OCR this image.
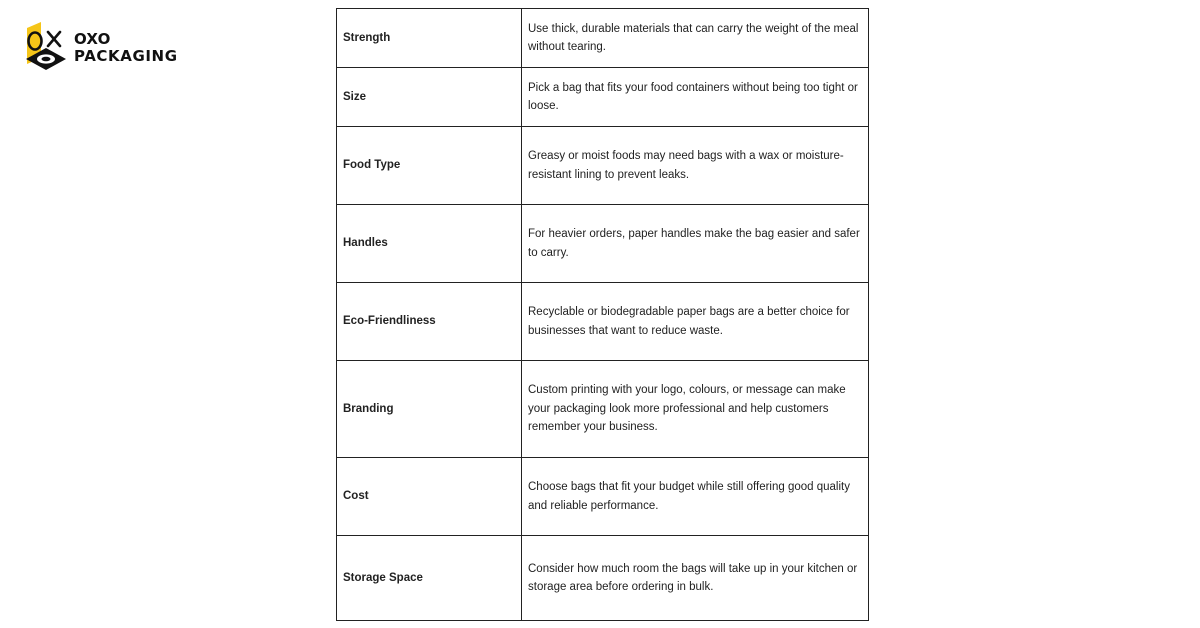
OXO
PACKAGING
Strength	Use thick, durable materials that can carry the weight of the meal without tearing.

Size	Pick a bag that fits your food containers without being too tight or loose.

Food Type	Greasy or moist foods may need bags with a wax or moisture-resistant lining to prevent leaks.

Handles	For heavier orders, paper handles make the bag easier and safer to carry.

Eco-Friendliness	Recyclable or biodegradable paper bags are a better choice for businesses that want to reduce waste.

Branding	Custom printing with your logo, colours, or message can make your packaging look more professional and help customers remember your business.

Cost	Choose bags that fit your budget while still offering good quality and reliable performance.

Storage Space	Consider how much room the bags will take up in your kitchen or storage area before ordering in bulk.
